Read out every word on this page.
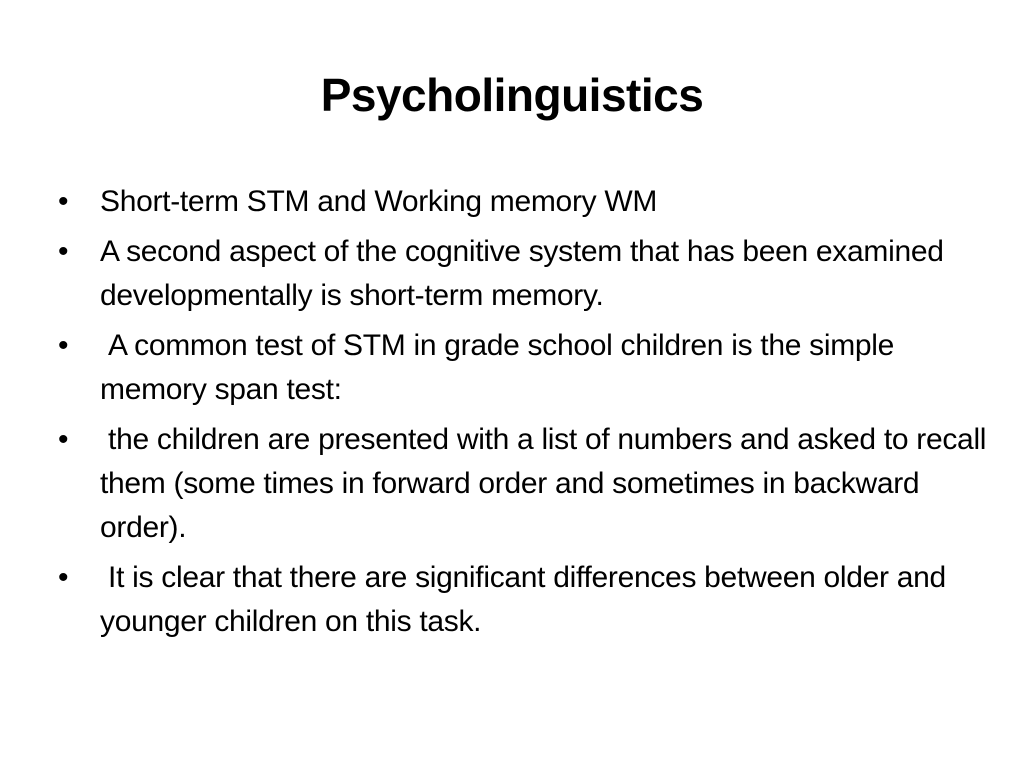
Psycholinguistics
•	Short-term STM and Working memory WM
•	A second aspect of the cognitive system that has been examined developmentally is short-term memory.
•	A common test of STM in grade school children is the simple memory span test:
•	the children are presented with a list of numbers and asked to recall them (some times in forward order and sometimes in backward order).
•	It is clear that there are significant differences between older and younger children on this task.
